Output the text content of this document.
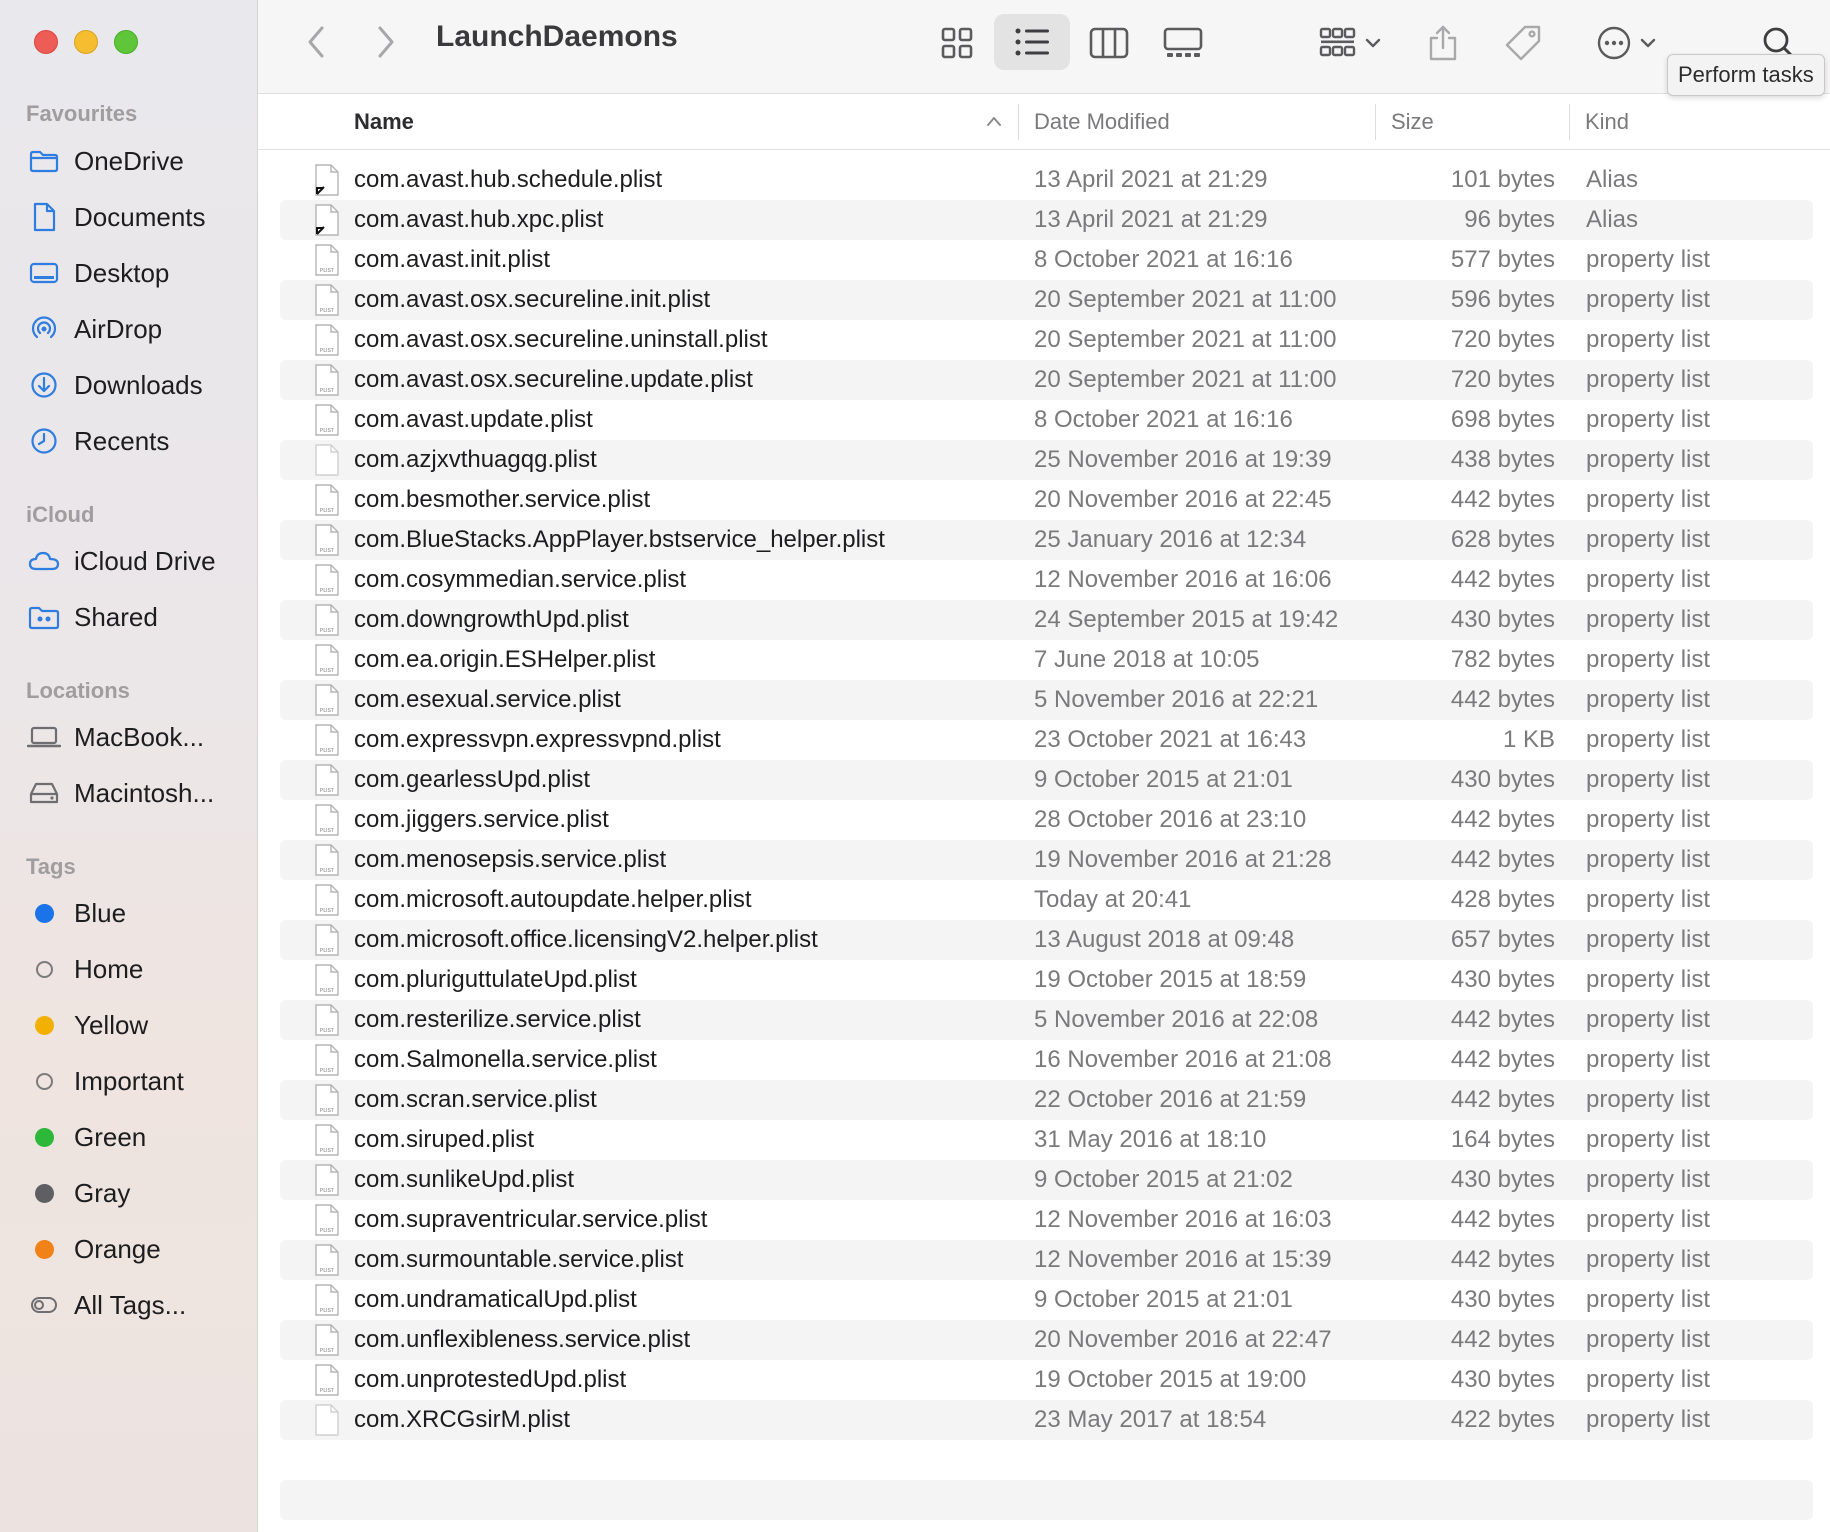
Favourites
OneDrive
Documents
Desktop
AirDrop
Downloads
Recents
iCloud
iCloud Drive
Shared
Locations
MacBook...
Macintosh...
Tags
Blue
Home
Yellow
Important
Green
Gray
Orange
All Tags...
LaunchDaemons
Perform tasks
Name	Date Modified	Size	Kind
com.avast.hub.schedule.plist	13 April 2021 at 21:29	101 bytes Alias
com.avast.hub.xpc.plist	13 April 2021 at 21:29	96 bytes Alias
PLIST com.avast.init.plist	8 October 2021 at 16:16	577 bytes property list
PLIST com.avast.osx.secureline.init.plist	20 September 2021 at 11:00	596 bytes property list
PLIST com.avast.osx.secureline.uninstall.plist	20 September 2021 at 11:00	720 bytes property list
PLIST com.avast.osx.secureline.update.plist	20 September 2021 at 11:00	720 bytes property list
PLIST com.avast.update.plist	8 October 2021 at 16:16	698 bytes property list
com.azjxvthuagqg.plist	25 November 2016 at 19:39	438 bytes property list
PLIST com.besmother.service.plist	20 November 2016 at 22:45	442 bytes property list
PLIST com.BlueStacks.AppPlayer.bstservice_helper.plist	25 January 2016 at 12:34	628 bytes property list
PLIST com.cosymmedian.service.plist	12 November 2016 at 16:06	442 bytes property list
PLIST com.downgrowthUpd.plist	24 September 2015 at 19:42	430 bytes property list
PLIST com.ea.origin.ESHelper.plist	7 June 2018 at 10:05	782 bytes property list
PLIST com.esexual.service.plist	5 November 2016 at 22:21	442 bytes property list
PLIST com.expressvpn.expressvpnd.plist	23 October 2021 at 16:43	1 KB property list
PLIST com.gearlessUpd.plist	9 October 2015 at 21:01	430 bytes property list
PLIST com.jiggers.service.plist	28 October 2016 at 23:10	442 bytes property list
PLIST com.menosepsis.service.plist	19 November 2016 at 21:28	442 bytes property list
PLIST com.microsoft.autoupdate.helper.plist	Today at 20:41	428 bytes property list
PLIST com.microsoft.office.licensingV2.helper.plist	13 August 2018 at 09:48	657 bytes property list
PLIST com.pluriguttulateUpd.plist	19 October 2015 at 18:59	430 bytes property list
PLIST com.resterilize.service.plist	5 November 2016 at 22:08	442 bytes property list
PLIST com.Salmonella.service.plist	16 November 2016 at 21:08	442 bytes property list
PLIST com.scran.service.plist	22 October 2016 at 21:59	442 bytes property list
PLIST com.siruped.plist	31 May 2016 at 18:10	164 bytes property list
PLIST com.sunlikeUpd.plist	9 October 2015 at 21:02	430 bytes property list
PLIST com.supraventricular.service.plist	12 November 2016 at 16:03	442 bytes property list
PLIST com.surmountable.service.plist	12 November 2016 at 15:39	442 bytes property list
PLIST com.undramaticalUpd.plist	9 October 2015 at 21:01	430 bytes property list
PLIST com.unflexibleness.service.plist	20 November 2016 at 22:47	442 bytes property list
PLIST com.unprotestedUpd.plist	19 October 2015 at 19:00	430 bytes property list
com.XRCGsirM.plist	23 May 2017 at 18:54	422 bytes property list
